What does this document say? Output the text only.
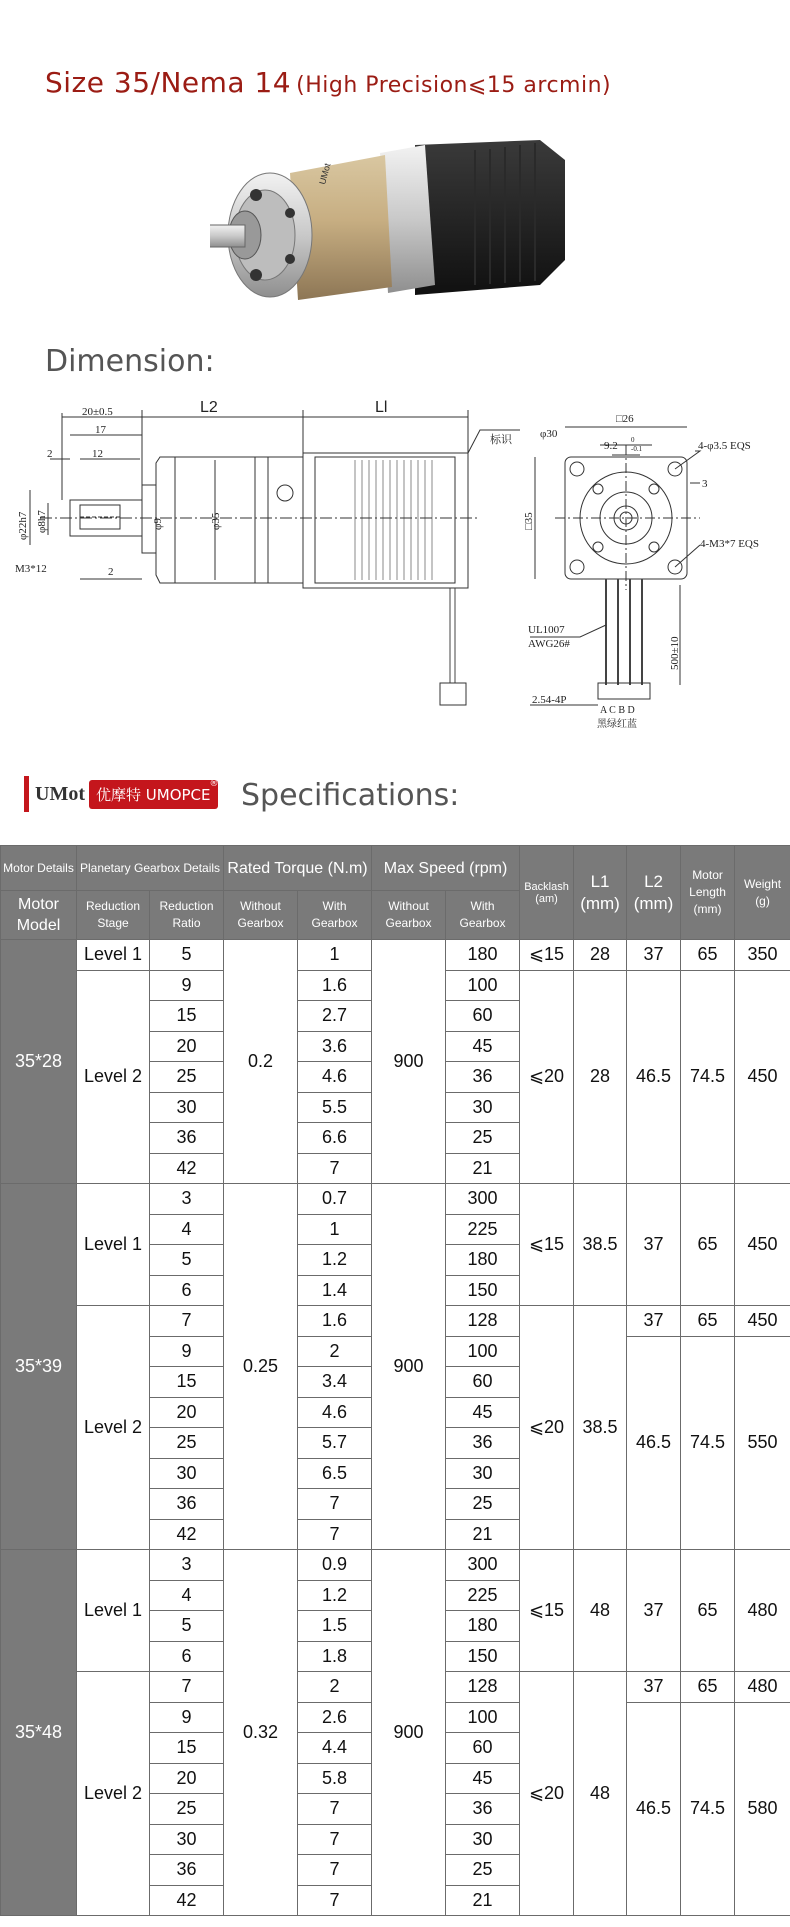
Size 35/Nema 14 (High Precision⩽15 arcmin)
UMot
Dimension:
L2	Ll
20±0.5
17
12
2
2
φ22h7 φ8h7	φ9	φ35
M3*12
标识
□26
φ30
9.2 0
-0.1	4-φ3.5 EQS
3
4-M3*7 EQS
□35
UL1007
AWG26#	500±10
2.54-4P
A C B D
黑绿红蓝
UMot 优摩特 UMOPCE
® Specifications:
Motor Details	Planetary Gearbox Details		Rated Torque (N.m)		Max Speed (rpm)		Backlash (am)	L1 (mm)	L2 (mm)	Motor Length (mm)	Weight (g)
Motor Model	Reduction Stage	Reduction Ratio	Without Gearbox	With Gearbox	Without Gearbox	With Gearbox					
35*28	Level 1	5	0.2	1	900	180	⩽15	28	37	65	350
	Level 2	9		1.6		100	⩽20	28	46.5	74.5	450
		15		2.7		60					
		20		3.6		45					
		25		4.6		36					
		30		5.5		30					
		36		6.6		25					
		42		7		21					
35*39	Level 1	3	0.25	0.7	900	300	⩽15	38.5	37	65	450
		4		1		225					
		5		1.2		180					
		6		1.4		150					
	Level 2	7		1.6		128	⩽20	38.5	37	65	450
		9		2		100			46.5	74.5	550
		15		3.4		60					
		20		4.6		45					
		25		5.7		36					
		30		6.5		30					
		36		7		25					
		42		7		21					
35*48	Level 1	3	0.32	0.9	900	300	⩽15	48	37	65	480
		4		1.2		225					
		5		1.5		180					
		6		1.8		150					
	Level 2	7		2		128	⩽20	48	37	65	480
		9		2.6		100			46.5	74.5	580
		15		4.4		60					
		20		5.8		45					
		25		7		36					
		30		7		30					
		36		7		25					
		42		7		21					
